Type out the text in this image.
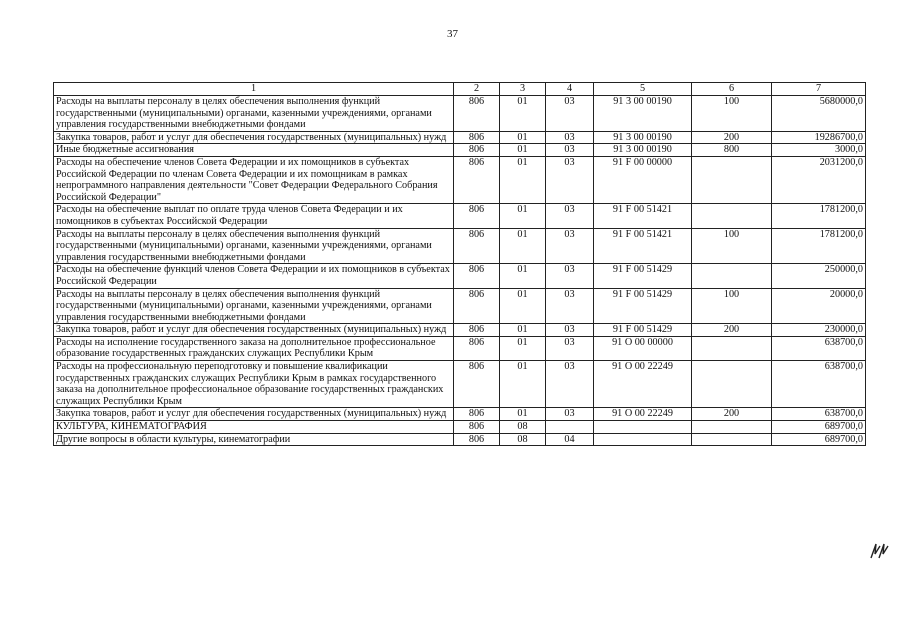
37
1	2	3	4	5	6	7
Расходы на выплаты персоналу в целях обеспечения выполнения функций государственными (муниципальными) органами, казенными учреждениями, органами управления государственными внебюджетными фондами	806	01	03	91 3 00 00190	100	5680000,0
Закупка товаров, работ и услуг для обеспечения государственных (муниципальных) нужд	806	01	03	91 3 00 00190	200	19286700,0
Иные бюджетные ассигнования	806	01	03	91 3 00 00190	800	3000,0
Расходы на обеспечение членов Совета Федерации и их помощников в субъектах Российской Федерации по членам Совета Федерации и их помощникам в рамках непрограммного направления деятельности "Совет Федерации Федерального Собрания Российской Федерации"	806	01	03	91 F 00 00000		2031200,0
Расходы на обеспечение выплат по оплате труда членов Совета Федерации и их помощников в субъектах Российской Федерации	806	01	03	91 F 00 51421		1781200,0
Расходы на выплаты персоналу в целях обеспечения выполнения функций государственными (муниципальными) органами, казенными учреждениями, органами управления государственными внебюджетными фондами	806	01	03	91 F 00 51421	100	1781200,0
Расходы на обеспечение функций членов Совета Федерации и их помощников в субъектах Российской Федерации	806	01	03	91 F 00 51429		250000,0
Расходы на выплаты персоналу в целях обеспечения выполнения функций государственными (муниципальными) органами, казенными учреждениями, органами управления государственными внебюджетными фондами	806	01	03	91 F 00 51429	100	20000,0
Закупка товаров, работ и услуг для обеспечения государственных (муниципальных) нужд	806	01	03	91 F 00 51429	200	230000,0
Расходы на исполнение государственного заказа на дополнительное профессиональное образование государственных гражданских служащих Республики Крым	806	01	03	91 О 00 00000		638700,0
Расходы на профессиональную переподготовку и повышение квалификации государственных гражданских служащих Республики Крым в рамках государственного заказа на дополнительное профессиональное образование государственных гражданских служащих Республики Крым	806	01	03	91 О 00 22249		638700,0
Закупка товаров, работ и услуг для обеспечения государственных (муниципальных) нужд	806	01	03	91 О 00 22249	200	638700,0
КУЛЬТУРА, КИНЕМАТОГРАФИЯ	806	08				689700,0
Другие вопросы в области культуры, кинематографии	806	08	04			689700,0
